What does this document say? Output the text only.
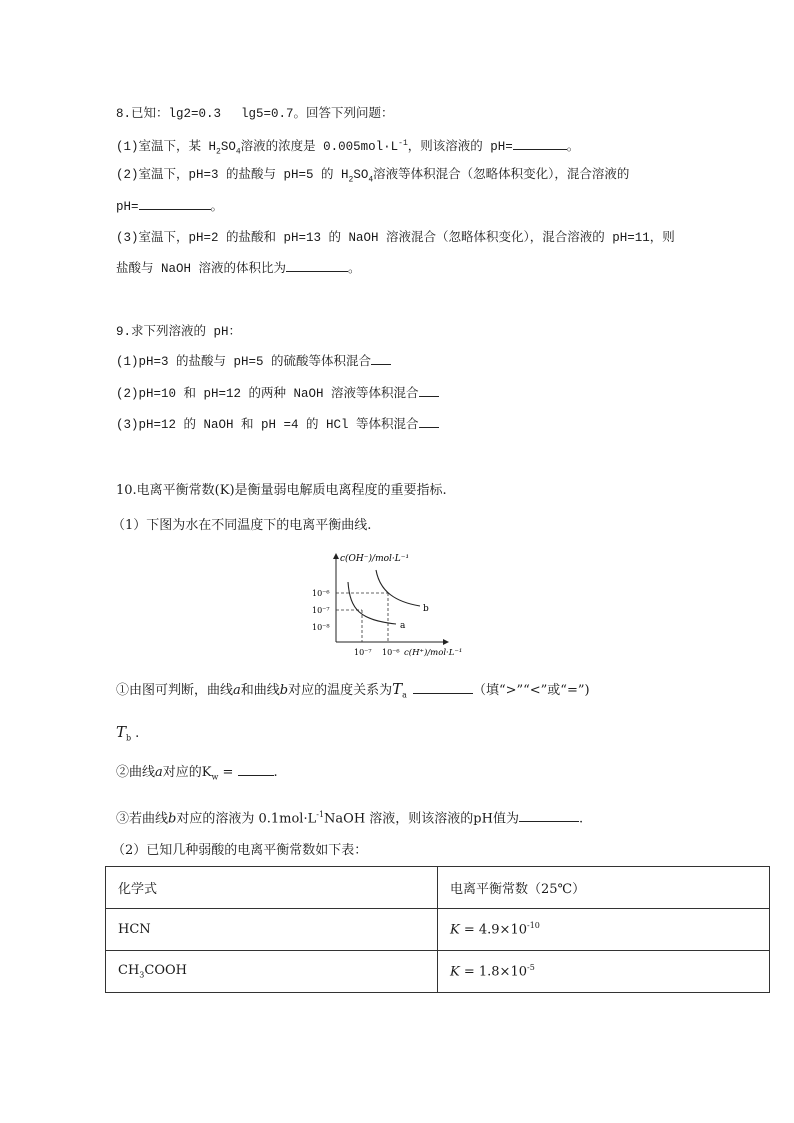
8.已知：lg2=0.3　 lg5=0.7。回答下列问题：
(1)室温下，某 $H_2SO_4$溶液的浓度是 $0.005mol\cdot L^{-1}$，则该溶液的 pH=	。
(2)室温下，pH=3 的盐酸与 pH=5 的 $H_2SO_4$溶液等体积混合（忽略体积变化），混合溶液的
pH=	。
(3)室温下，pH=2 的盐酸和 pH=13 的 NaOH 溶液混合（忽略体积变化），混合溶液的 pH=11，则
盐酸与 NaOH 溶液的体积比为	。
9.求下列溶液的 pH：
(1)pH=3 的盐酸与 pH=5 的硫酸等体积混合
(2)pH=10 和 pH=12 的两种 NaOH 溶液等体积混合
(3)pH=12 的 NaOH 和 pH =4 的 HCl 等体积混合
10.电离平衡常数(K)是衡量弱电解质电离程度的重要指标.
（1）下图为水在不同温度下的电离平衡曲线.
c(OH⁻)/mol·L⁻¹
10⁻⁶
10⁻⁷
10⁻⁸
10⁻⁷ 10⁻⁶ c(H⁺)/mol·L⁻¹
a
b
①由图可判断，曲线a和曲线b对应的温度关系为$T_a$	（填“>”“<”或“=”)
$T_b$ .
②曲线a对应的$K_w$ =	.
③若曲线b对应的溶液为 $0.1mol\cdot L^{-1}NaOH$ 溶液，则该溶液的pH值为	.
（2）已知几种弱酸的电离平衡常数如下表：
化学式	电离平衡常数（25℃）
HCN	$K = 4.9\times 10^{-10}$
$CH_3COOH$	$K = 1.8\times 10^{-5}$
